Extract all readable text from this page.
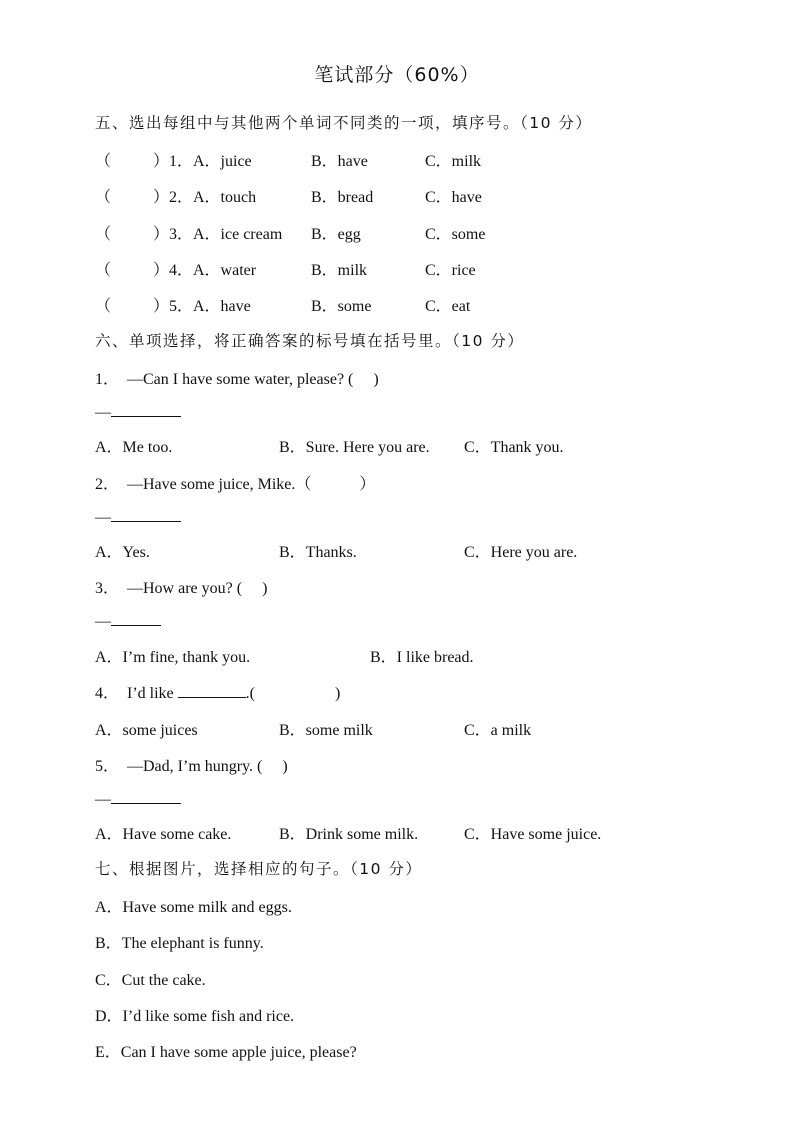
笔试部分（60%）
五、选出每组中与其他两个单词不同类的一项，填序号。（10 分）
（	）1．A．juice	B．have	C．milk
（	）2．A．touch	B．bread	C．have
（	）3．A．ice cream B．egg	C．some
（	）4．A．water	B．milk	C．rice
（	）5．A．have	B．some	C．eat
六、单项选择，将正确答案的标号填在括号里。（10 分）
1．　—Can I have some water, please? (　 )
—
A．Me too.	B．Sure. Here you are. C．Thank you.
2．　—Have some juice, Mike.（　　　）
—
A．Yes.	B．Thanks.	C．Here you are.
3．　—How are you? (　 )
—
A．I’m fine, thank you.	B．I like bread.
4．　I’d like	.(　　　　　)
A．some juices	B．some milk	C．a milk
5．　—Dad, I’m hungry. (　 )
—
A．Have some cake.	B．Drink some milk.	C．Have some juice.
七、根据图片，选择相应的句子。（10 分）
A．Have some milk and eggs.
B．The elephant is funny.
C．Cut the cake.
D．I’d like some fish and rice.
E．Can I have some apple juice, please?
